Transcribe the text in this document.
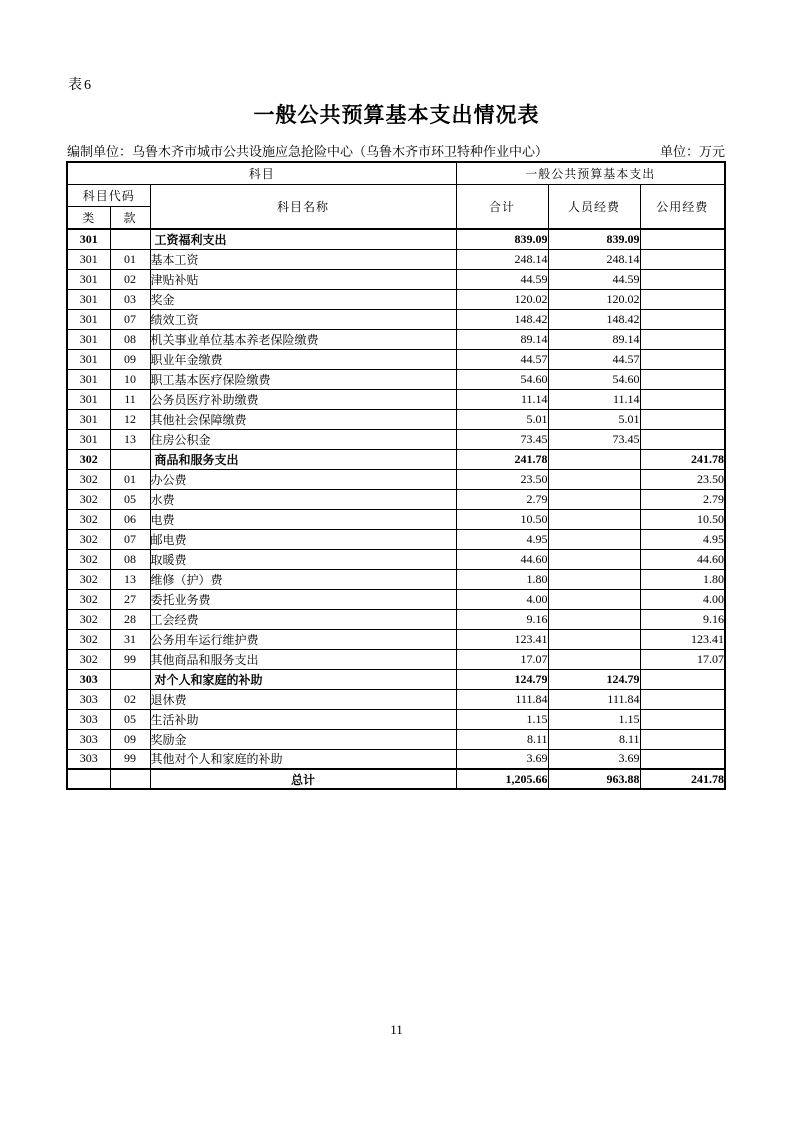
表6
一般公共预算基本支出情况表
编制单位：乌鲁木齐市城市公共设施应急抢险中心（乌鲁木齐市环卫特种作业中心）	单位：万元
科目			一般公共预算基本支出		
科目代码		科目名称	合计	人员经费	公用经费
类	款				
301		工资福利支出	839.09	839.09	
301	01	基本工资	248.14	248.14	
301	02	津贴补贴	44.59	44.59	
301	03	奖金	120.02	120.02	
301	07	绩效工资	148.42	148.42	
301	08	机关事业单位基本养老保险缴费	89.14	89.14	
301	09	职业年金缴费	44.57	44.57	
301	10	职工基本医疗保险缴费	54.60	54.60	
301	11	公务员医疗补助缴费	11.14	11.14	
301	12	其他社会保障缴费	5.01	5.01	
301	13	住房公积金	73.45	73.45	
302		商品和服务支出	241.78		241.78
302	01	办公费	23.50		23.50
302	05	水费	2.79		2.79
302	06	电费	10.50		10.50
302	07	邮电费	4.95		4.95
302	08	取暖费	44.60		44.60
302	13	维修（护）费	1.80		1.80
302	27	委托业务费	4.00		4.00
302	28	工会经费	9.16		9.16
302	31	公务用车运行维护费	123.41		123.41
302	99	其他商品和服务支出	17.07		17.07
303		对个人和家庭的补助	124.79	124.79	
303	02	退休费	111.84	111.84	
303	05	生活补助	1.15	1.15	
303	09	奖励金	8.11	8.11	
303	99	其他对个人和家庭的补助	3.69	3.69	
		总计	1,205.66	963.88	241.78
11
